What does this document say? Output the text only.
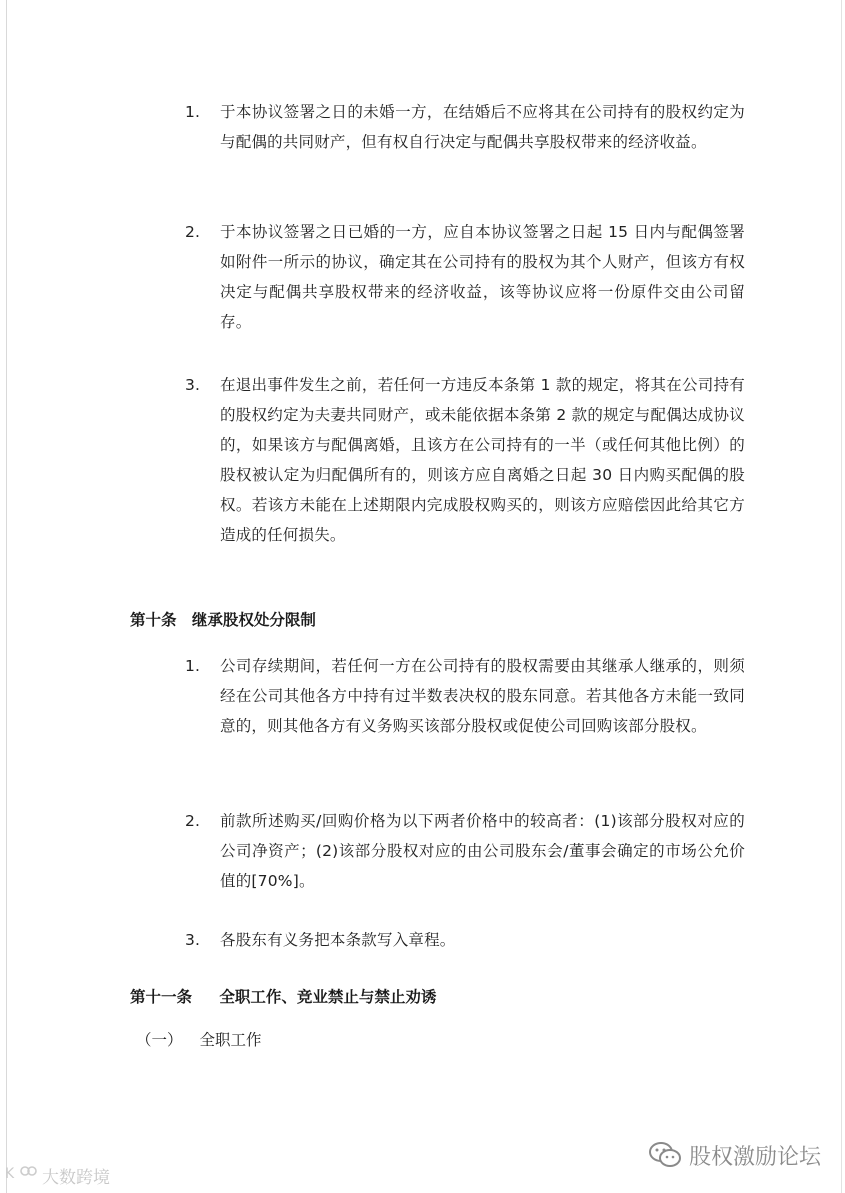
1.	于本协议签署之日的未婚一方，在结婚后不应将其在公司持有的股权约定为与配偶的共同财产，但有权自行决定与配偶共享股权带来的经济收益。
2.	于本协议签署之日已婚的一方，应自本协议签署之日起 15 日内与配偶签署如附件一所示的协议，确定其在公司持有的股权为其个人财产，但该方有权决定与配偶共享股权带来的经济收益，该等协议应将一份原件交由公司留存。
3.	在退出事件发生之前，若任何一方违反本条第 1 款的规定，将其在公司持有的股权约定为夫妻共同财产，或未能依据本条第 2 款的规定与配偶达成协议的，如果该方与配偶离婚，且该方在公司持有的一半（或任何其他比例）的股权被认定为归配偶所有的，则该方应自离婚之日起 30 日内购买配偶的股权。若该方未能在上述期限内完成股权购买的，则该方应赔偿因此给其它方造成的任何损失。
第十条 继承股权处分限制
1.	公司存续期间，若任何一方在公司持有的股权需要由其继承人继承的，则须经在公司其他各方中持有过半数表决权的股东同意。若其他各方未能一致同意的，则其他各方有义务购买该部分股权或促使公司回购该部分股权。
2.	前款所述购买/回购价格为以下两者价格中的较高者：(1)该部分股权对应的公司净资产；(2)该部分股权对应的由公司股东会/董事会确定的市场公允价值的[70%]。
3.	各股东有义务把本条款写入章程。
第十一条 全职工作、竞业禁止与禁止劝诱
（一） 全职工作
K 大数跨境
股权激励论坛
